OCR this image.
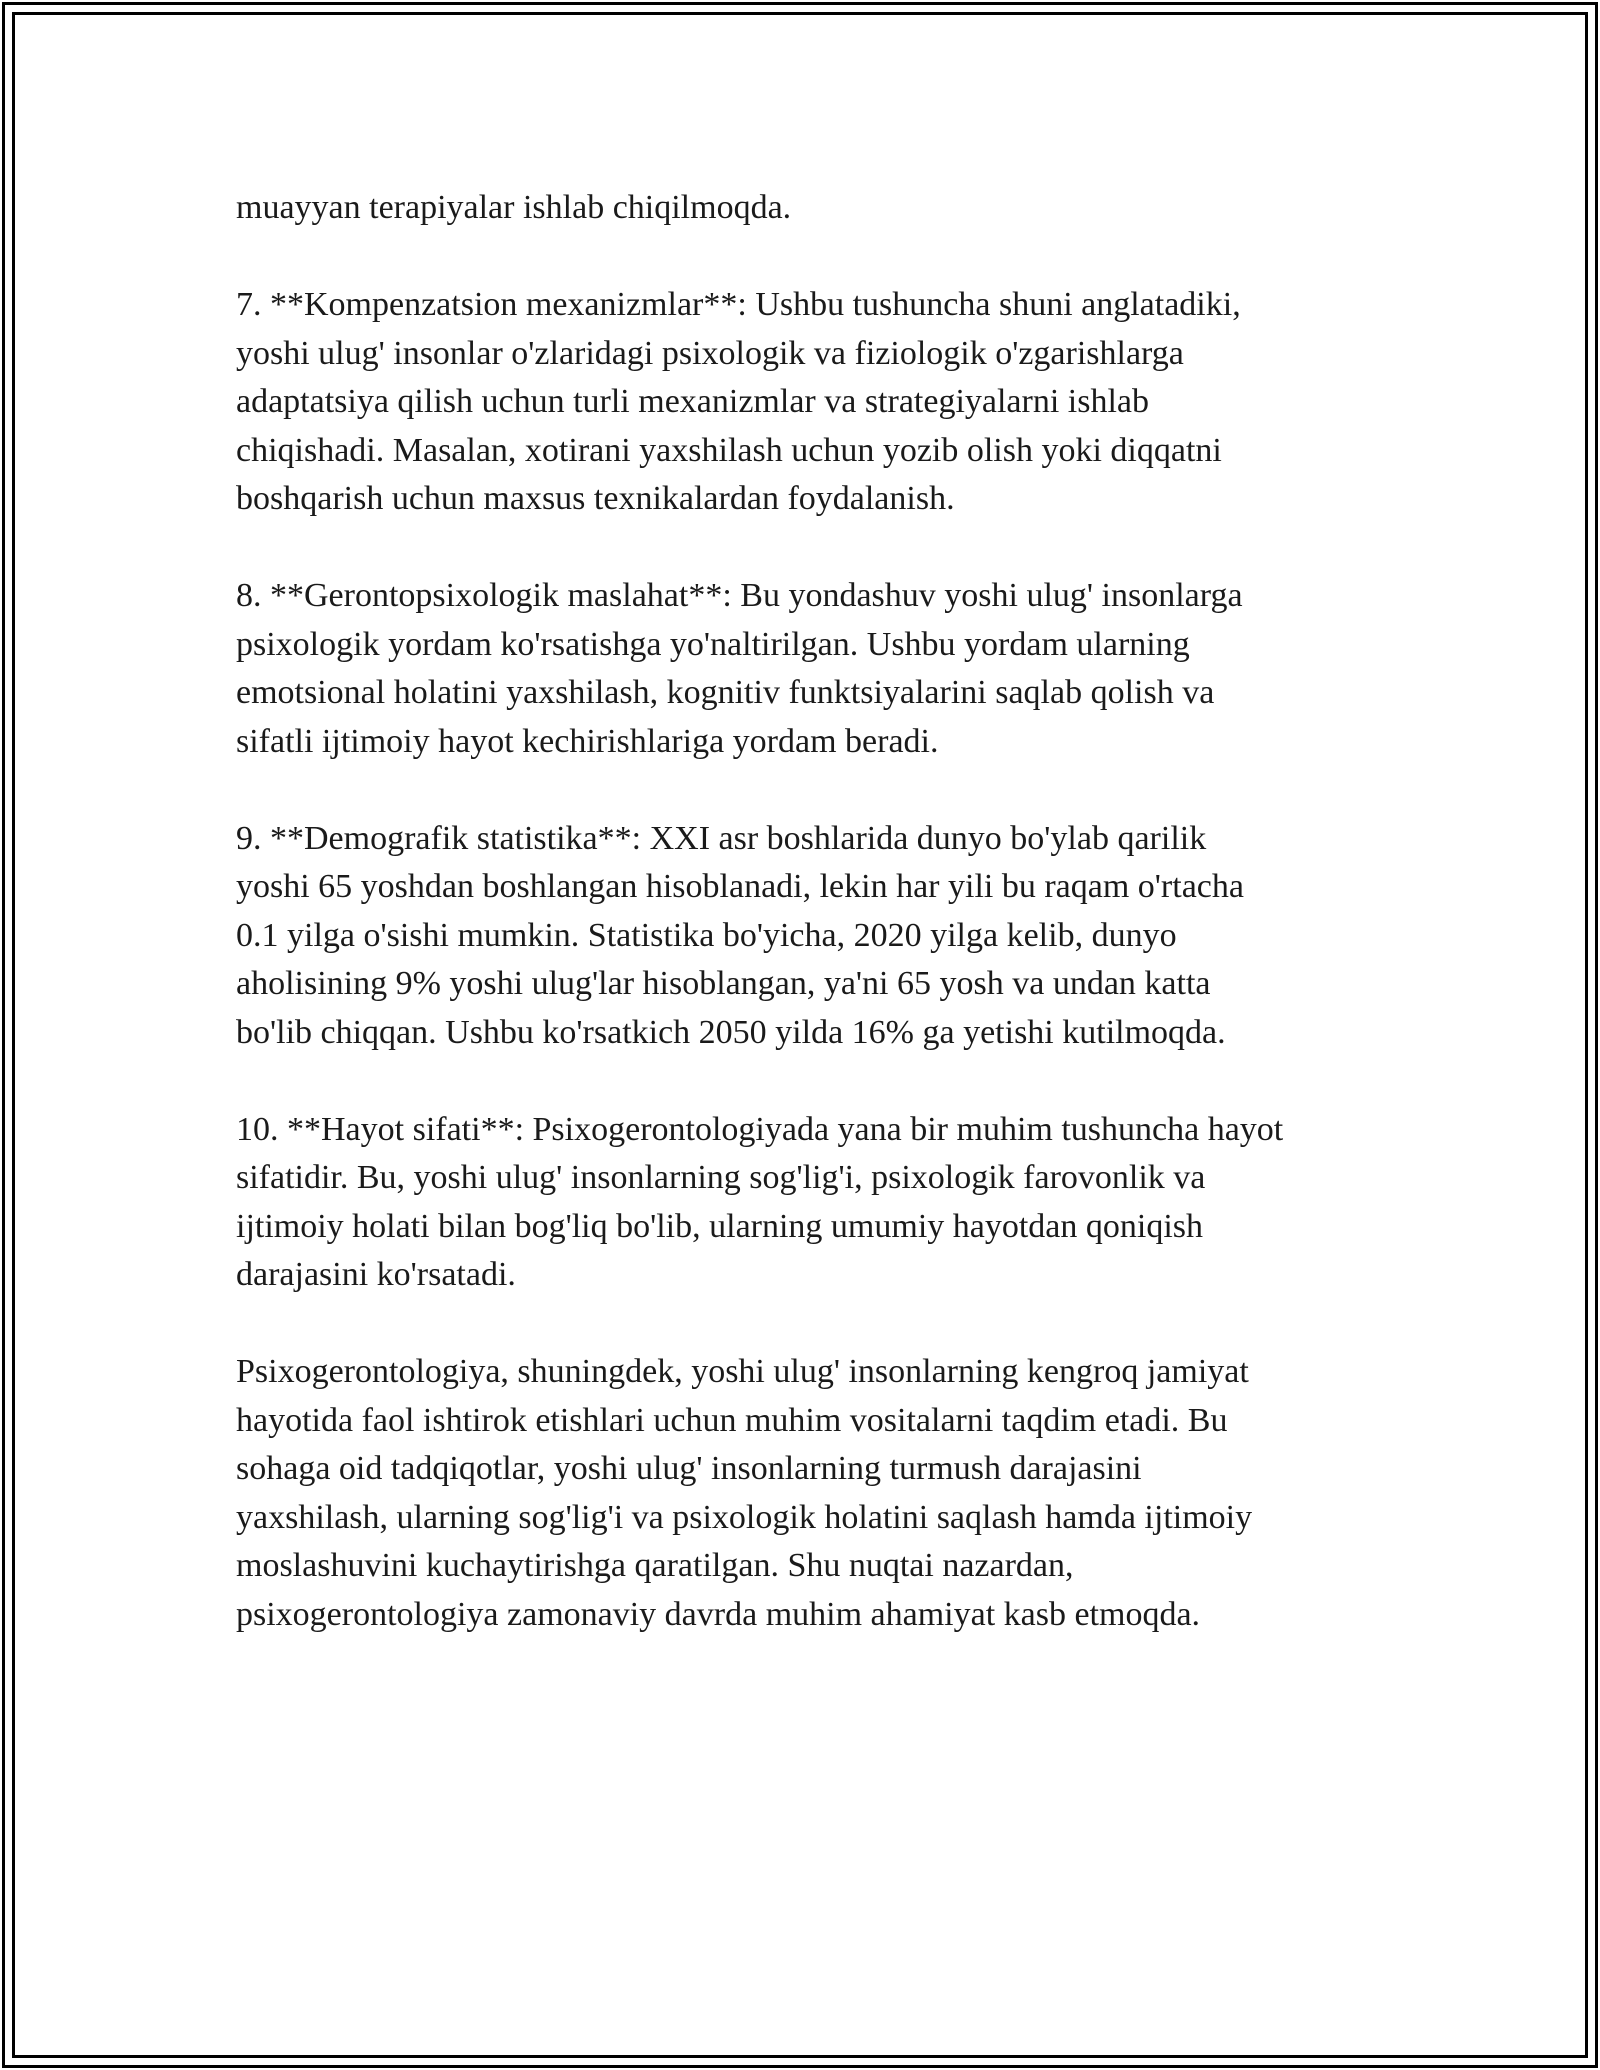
muayyan terapiyalar ishlab chiqilmoqda.

7. **Kompenzatsion mexanizmlar**: Ushbu tushuncha shuni anglatadiki,
yoshi ulug' insonlar o'zlaridagi psixologik va fiziologik o'zgarishlarga
adaptatsiya qilish uchun turli mexanizmlar va strategiyalarni ishlab
chiqishadi. Masalan, xotirani yaxshilash uchun yozib olish yoki diqqatni
boshqarish uchun maxsus texnikalardan foydalanish.

8. **Gerontopsixologik maslahat**: Bu yondashuv yoshi ulug' insonlarga
psixologik yordam ko'rsatishga yo'naltirilgan. Ushbu yordam ularning
emotsional holatini yaxshilash, kognitiv funktsiyalarini saqlab qolish va
sifatli ijtimoiy hayot kechirishlariga yordam beradi.

9. **Demografik statistika**: XXI asr boshlarida dunyo bo'ylab qarilik
yoshi 65 yoshdan boshlangan hisoblanadi, lekin har yili bu raqam o'rtacha
0.1 yilga o'sishi mumkin. Statistika bo'yicha, 2020 yilga kelib, dunyo
aholisining 9% yoshi ulug'lar hisoblangan, ya'ni 65 yosh va undan katta
bo'lib chiqqan. Ushbu ko'rsatkich 2050 yilda 16% ga yetishi kutilmoqda.

10. **Hayot sifati**: Psixogerontologiyada yana bir muhim tushuncha hayot
sifatidir. Bu, yoshi ulug' insonlarning sog'lig'i, psixologik farovonlik va
ijtimoiy holati bilan bog'liq bo'lib, ularning umumiy hayotdan qoniqish
darajasini ko'rsatadi.

Psixogerontologiya, shuningdek, yoshi ulug' insonlarning kengroq jamiyat
hayotida faol ishtirok etishlari uchun muhim vositalarni taqdim etadi. Bu
sohaga oid tadqiqotlar, yoshi ulug' insonlarning turmush darajasini
yaxshilash, ularning sog'lig'i va psixologik holatini saqlash hamda ijtimoiy
moslashuvini kuchaytirishga qaratilgan. Shu nuqtai nazardan,
psixogerontologiya zamonaviy davrda muhim ahamiyat kasb etmoqda.
